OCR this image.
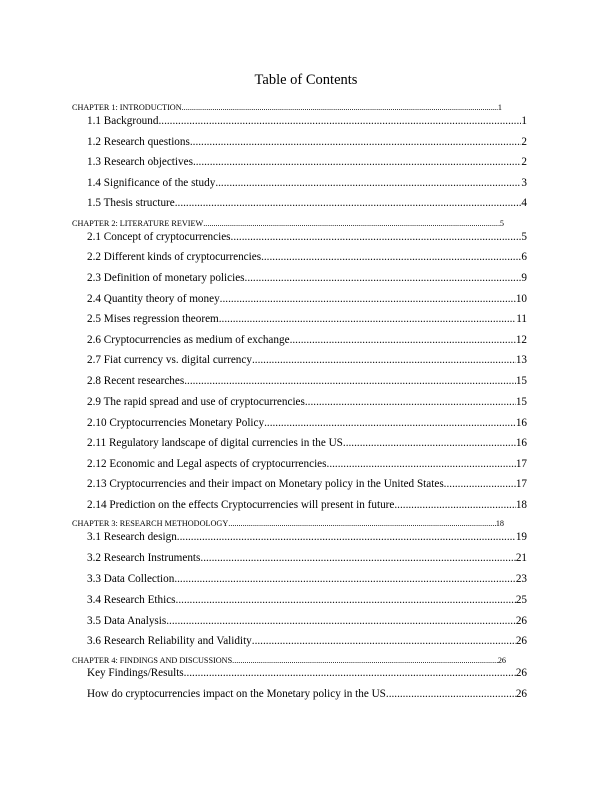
Table of Contents
CHAPTER 1: INTRODUCTION .....	1
1.1 Background .....	1
1.2 Research questions .....	2
1.3 Research objectives .....	2
1.4 Significance of the study .....	3
1.5 Thesis structure .....	4
CHAPTER 2: LITERATURE REVIEW .....	5
2.1 Concept of cryptocurrencies .....	5
2.2 Different kinds of cryptocurrencies .....	6
2.3 Definition of monetary policies .....	9
2.4 Quantity theory of money .....	10
2.5 Mises regression theorem .....	11
2.6 Cryptocurrencies as medium of exchange .....	12
2.7 Fiat currency vs. digital currency .....	13
2.8 Recent researches .....	15
2.9 The rapid spread and use of cryptocurrencies .....	15
2.10 Cryptocurrencies Monetary Policy .....	16
2.11 Regulatory landscape of digital currencies in the US .....	16
2.12 Economic and Legal aspects of cryptocurrencies .....	17
2.13 Cryptocurrencies and their impact on Monetary policy in the United States .....	17
2.14 Prediction on the effects Cryptocurrencies will present in future .....	18
CHAPTER 3: RESEARCH METHODOLOGY .....	18
3.1 Research design .....	19
3.2 Research Instruments .....	21
3.3 Data Collection .....	23
3.4 Research Ethics .....	25
3.5 Data Analysis .....	26
3.6 Research Reliability and Validity .....	26
CHAPTER 4: FINDINGS AND DISCUSSIONS .....	26
Key Findings/Results .....	26
How do cryptocurrencies impact on the Monetary policy in the US .....	26
